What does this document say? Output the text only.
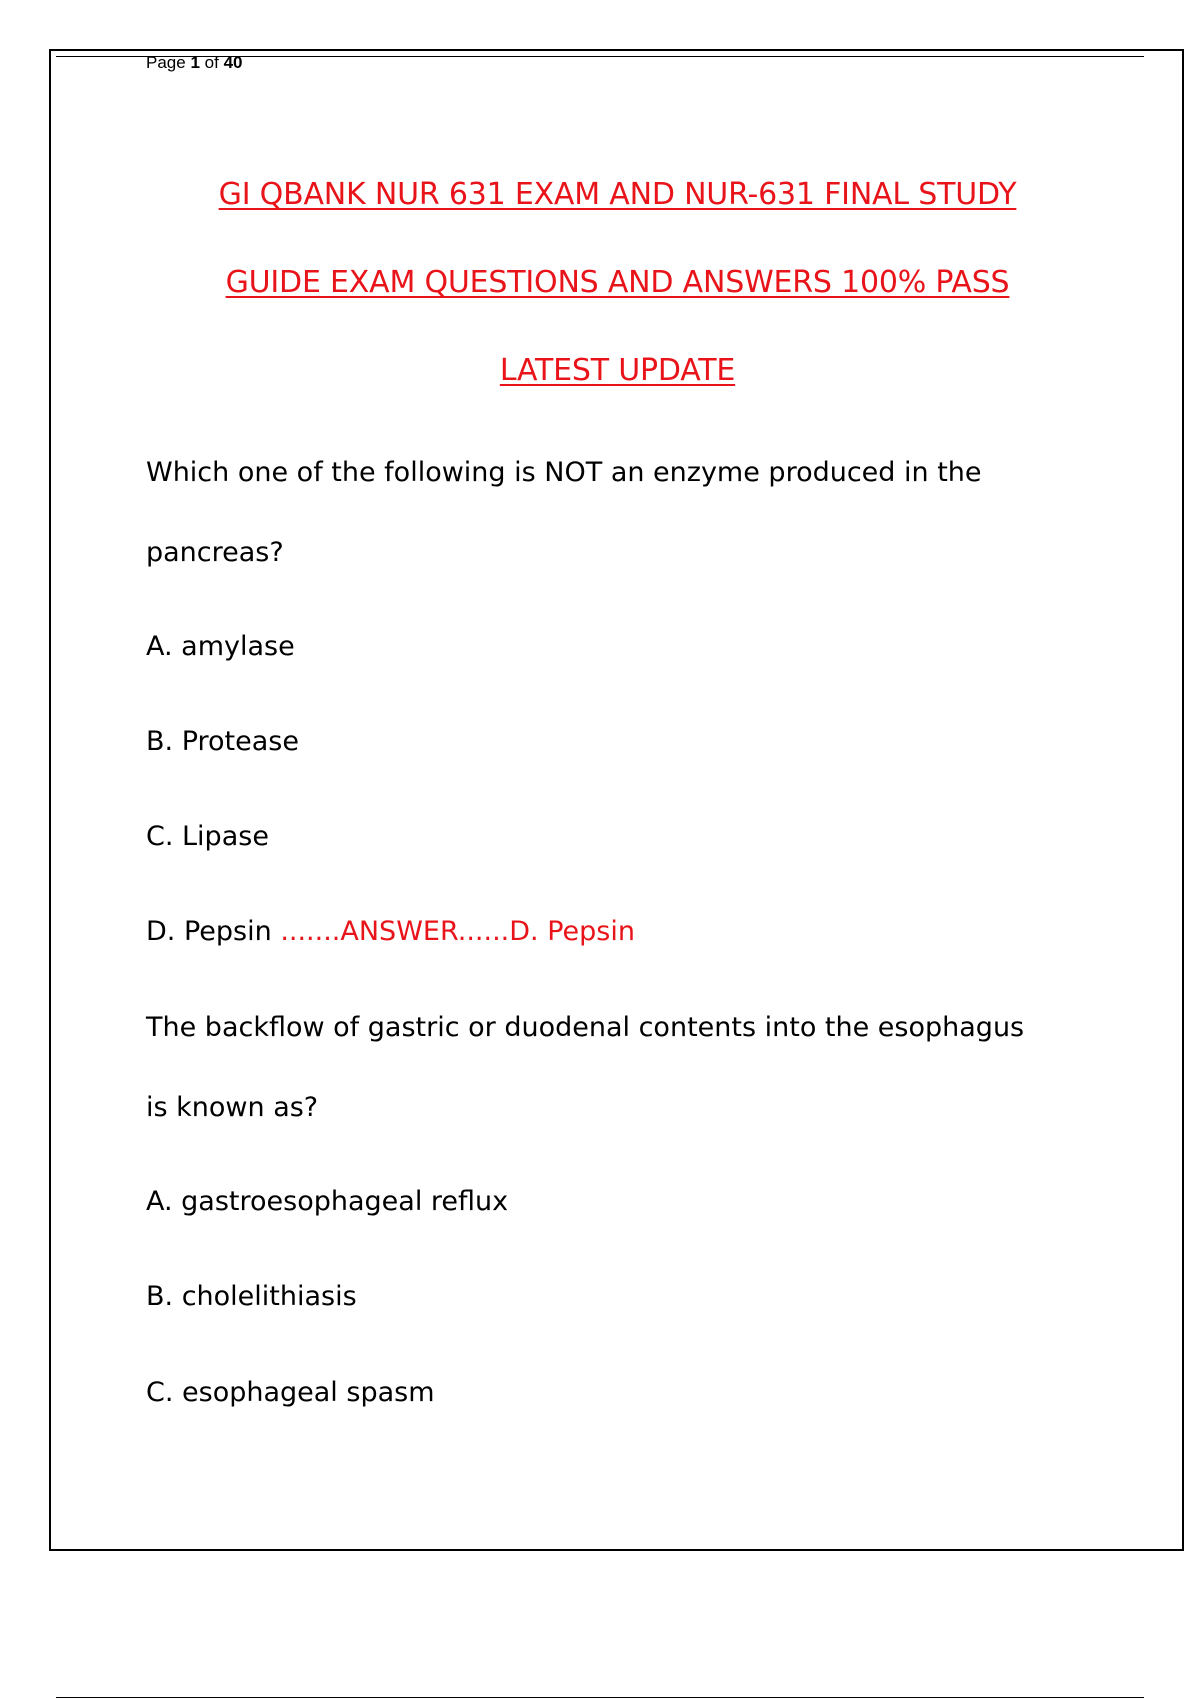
Page 1 of 40
GI QBANK NUR 631 EXAM AND NUR-631 FINAL STUDY
GUIDE EXAM QUESTIONS AND ANSWERS 100% PASS
LATEST UPDATE
Which one of the following is NOT an enzyme produced in the
pancreas?
A. amylase
B. Protease
C. Lipase
D. Pepsin .......ANSWER......D. Pepsin
The backflow of gastric or duodenal contents into the esophagus
is known as?
A. gastroesophageal reflux
B. cholelithiasis
C. esophageal spasm
